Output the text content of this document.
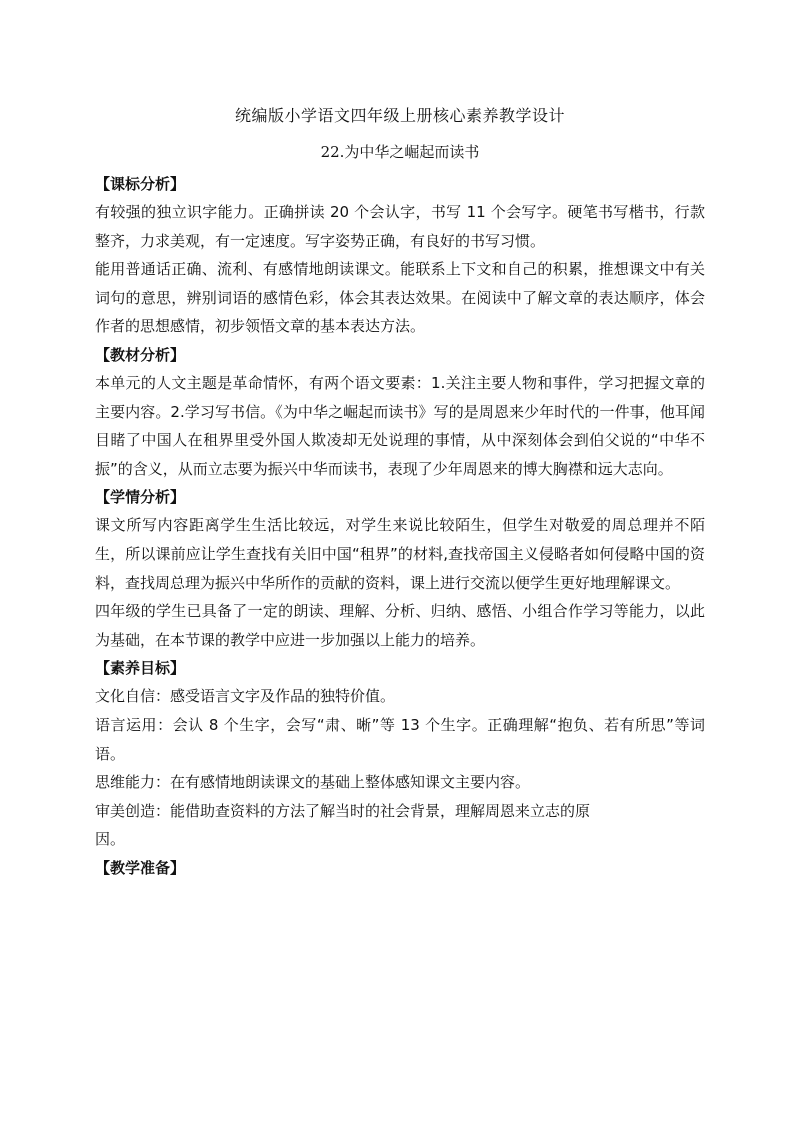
统编版小学语文四年级上册核心素养教学设计
22.为中华之崛起而读书
【课标分析】

有较强的独立识字能力。正确拼读 20 个会认字，书写 11 个会写字。硬笔书写楷书，行款整齐，力求美观，有一定速度。写字姿势正确，有良好的书写习惯。

能用普通话正确、流利、有感情地朗读课文。能联系上下文和自己的积累，推想课文中有关词句的意思，辨别词语的感情色彩，体会其表达效果。在阅读中了解文章的表达顺序，体会作者的思想感情，初步领悟文章的基本表达方法。

【教材分析】

本单元的人文主题是革命情怀，有两个语文要素：1.关注主要人物和事件，学习把握文章的主要内容。2.学习写书信。《为中华之崛起而读书》写的是周恩来少年时代的一件事，他耳闻目睹了中国人在租界里受外国人欺凌却无处说理的事情，从中深刻体会到伯父说的“中华不振”的含义，从而立志要为振兴中华而读书，表现了少年周恩来的博大胸襟和远大志向。

【学情分析】

课文所写内容距离学生生活比较远，对学生来说比较陌生，但学生对敬爱的周总理并不陌生，所以课前应让学生查找有关旧中国“租界”的材料,查找帝国主义侵略者如何侵略中国的资料，查找周总理为振兴中华所作的贡献的资料，课上进行交流以便学生更好地理解课文。

四年级的学生已具备了一定的朗读、理解、分析、归纳、感悟、小组合作学习等能力，以此为基础，在本节课的教学中应进一步加强以上能力的培养。

【素养目标】

文化自信：感受语言文字及作品的独特价值。

语言运用：会认 8 个生字，会写“肃、晰”等 13 个生字。正确理解“抱负、若有所思”等词语。

思维能力：在有感情地朗读课文的基础上整体感知课文主要内容。

审美创造：能借助查资料的方法了解当时的社会背景，理解周恩来立志的原

因。

【教学准备】
